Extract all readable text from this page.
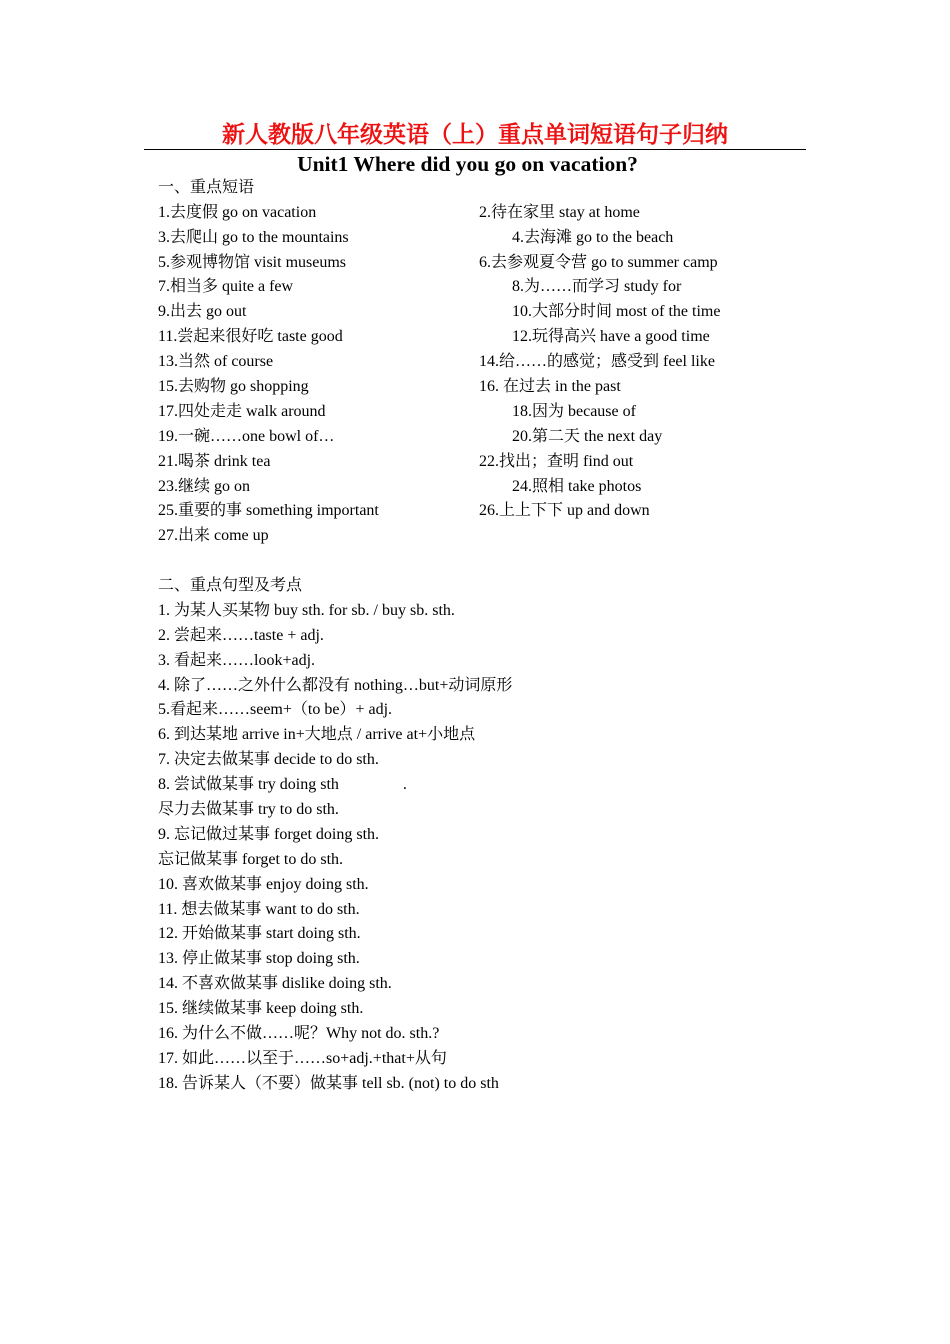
新人教版八年级英语（上）重点单词短语句子归纳
Unit1 Where did you go on vacation?
一、重点短语
1.去度假 go on vacation
3.去爬山 go to the mountains
5.参观博物馆 visit museums
7.相当多 quite a few
9.出去 go out
11.尝起来很好吃 taste good
13.当然 of course
15.去购物 go shopping
17.四处走走 walk around
19.一碗……one bowl of…
21.喝茶 drink tea
23.继续 go on
25.重要的事 something important
27.出来 come up
2.待在家里 stay at home
4.去海滩 go to the beach
6.去参观夏令营 go to summer camp
8.为……而学习 study for
10.大部分时间 most of the time
12.玩得高兴 have a good time
14.给……的感觉；感受到 feel like
16. 在过去 in the past
18.因为 because of
20.第二天 the next day
22.找出；查明 find out
24.照相 take photos
26.上上下下 up and down
二、重点句型及考点
1. 为某人买某物 buy sth. for sb. / buy sb. sth.
2. 尝起来……taste + adj.
3. 看起来……look+adj.
4. 除了……之外什么都没有 nothing…but+动词原形
5.看起来……seem+（to be）+ adj.
6. 到达某地 arrive in+大地点 / arrive at+小地点
7. 决定去做某事 decide to do sth.
8. 尝试做某事 try doing sth                .
尽力去做某事 try to do sth.
9. 忘记做过某事 forget doing sth.
忘记做某事 forget to do sth.
10. 喜欢做某事 enjoy doing sth.
11. 想去做某事 want to do sth.
12. 开始做某事 start doing sth.
13. 停止做某事 stop doing sth.
14. 不喜欢做某事 dislike doing sth.
15. 继续做某事 keep doing sth.
16. 为什么不做……呢？Why not do. sth.?
17. 如此……以至于……so+adj.+that+从句
18. 告诉某人（不要）做某事 tell sb. (not) to do sth
